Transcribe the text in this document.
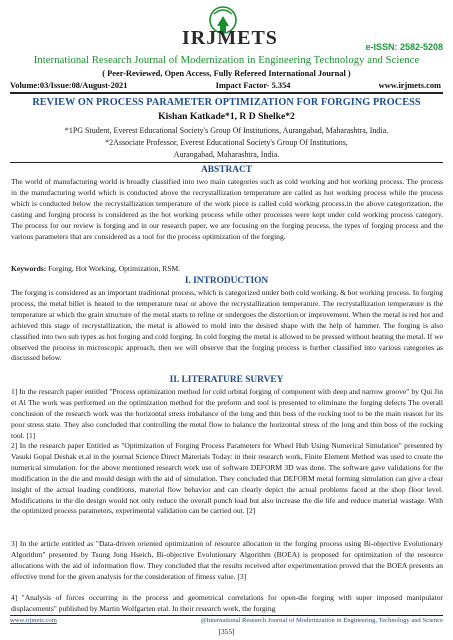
IRJMETS	e-ISSN: 2582-5208
International Research Journal of Modernization in Engineering Technology and Science
( Peer-Reviewed, Open Access, Fully Refereed International Journal )
Volume:03/Issue:08/August-2021	Impact Factor- 5.354	www.irjmets.com
REVIEW ON PROCESS PARAMETER OPTIMIZATION FOR FORGING PROCESS
Kishan Katkade*1, R D Shelke*2
*1PG Student, Everest Educational Society's Group Of Institutions, Aurangabad, Maharashtra, India.
*2Associate Professor, Everest Educational Society's Group Of Institutions,
Aurangabad, Maharashtra, India.
ABSTRACT
The world of manufacturing world is broadly classified into two main categories such as cold working and hot working process. The process in the manufacturing world which is conducted above the recrystallization temperature are called as hot working process while the process which is conducted below the recrystallization temperature of the work piece is called cold working process.in the above categorization, the casting and forging process is considered as the hot working process while other processes were kept under cold working process category. The process for our review is forging and in our research paper, we are focusing on the forging process, the types of forging process and the various parameters that are considered as a tool for the process optimization of the forging.
Keywords: Forging, Hot Working, Optimization, RSM.
I. INTRODUCTION
The forging is considered as an important traditional process, which is categorized under both cold working, & hot working process. In forging process, the metal billet is heated to the temperature near or above the recrystallization temperature. The recrystallization temperature is the temperature at which the grain structure of the metal starts to refine or undergoes the distortion or improvement. When the metal is red hot and achieved this stage of recrystallization, the metal is allowed to mold into the desired shape with the help of hammer. The forging is also classified into two sub types as hot forging and cold forging. In cold forging the metal is allowed to be pressed without heating the metal. If we observed the process in microscopic approach, then we will observe that the forging process is further classified into various categories as discussed below.
II. LITERATURE SURVEY
1] In the research paper entitled "Process optimization method for cold orbital forging of component with deep and narrow groove" by Qui Jin et Al The work was performed on the optimization method for the preform and tool is presented to eliminate the forging defects The overall conclusion of the research work was the horizontal stress imbalance of the long and thin boss of the rocking tool to be the main reason for its poor stress state. They also concluded that controlling the metal flow to balance the horizontal stress of the long and thin boss of the rocking tool. [1]
2] In the research paper Entitled as "Optimization of Forging Process Parameters for Wheel Hub Using Numerical Simulation" presented by Vasuki Gopal Deshak et.al in the journal Science Direct Materials Today: in their research work, Finite Element Method was used to create the numerical simulation. for the above mentioned research work use of software DEFORM 3D was done. The software gave validations for the modification in the die and mould design with the aid of simulation. They concluded that DEFORM metal forming simulation can give a clear insight of the actual loading conditions, material flow behavior and can clearly depict the actual problems faced at the shop floor level. Modifications in the die design would not only reduce the overall punch load but also increase the die life and reduce material wastage. With the optimized process parameters, experimental validation can be carried out. [2]
3] In the article entitled as "Data-driven oriented optimization of resource allocation in the forging process using Bi-objective Evolutionary Algorithm" presented by Tsung Jung Hseich, Bi-objective Evolutionary Algorithm (BOEA) is proposed for optimization of the resource allocations with the aid of information flow. They concluded that the results received after experimentation proved that the BOEA presents an effective trend for the given analysis for the consideration of fitness value. [3]
4] "Analysis of forces occurring in the process and geometrical correlations for open-die forging with super imposed manipulator displacements" published by Martin Wolfgarten etal. In their research work, the forging
www.irjmets.com	@International Research Journal of Modernization in Engineering, Technology and Science
[355]
